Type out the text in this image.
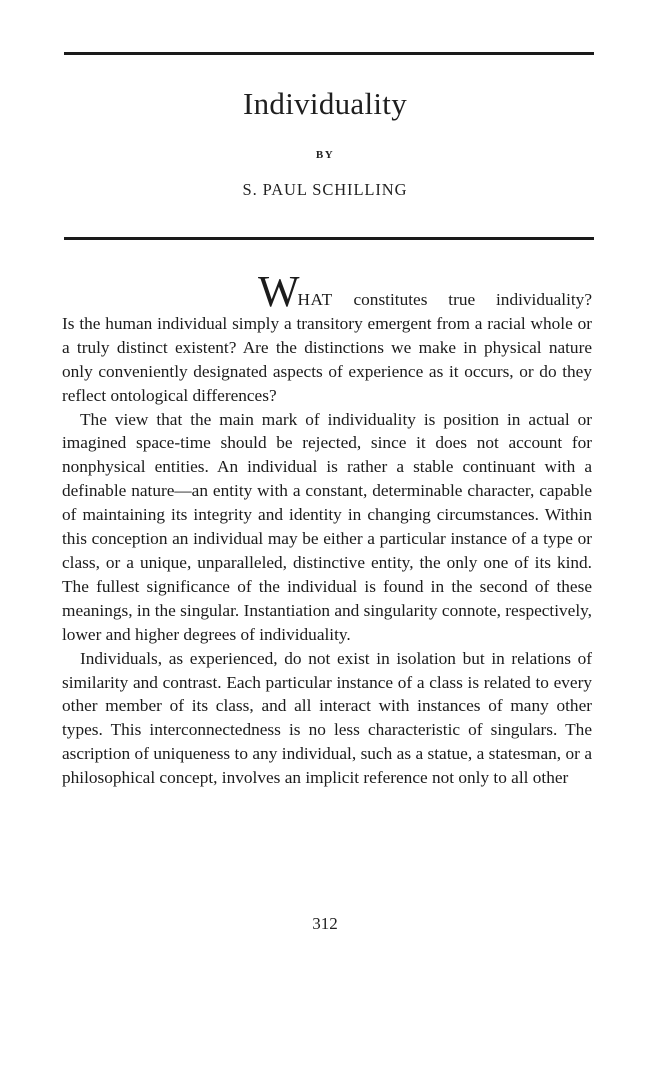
Individuality
BY
S. PAUL SCHILLING

WHAT constitutes true individuality?
Is the human individual simply a transitory emergent from a racial whole or a truly distinct existent? Are the distinctions we make in physical nature only conveniently designated aspects of experience as it occurs, or do they reflect ontological differences?

The view that the main mark of individuality is position in actual or imagined space-time should be rejected, since it does not account for nonphysical entities. An individual is rather a stable continuant with a definable nature—an entity with a constant, determinable character, capable of maintaining its integrity and identity in changing circumstances. Within this conception an individual may be either a particular instance of a type or class, or a unique, unparalleled, distinctive entity, the only one of its kind. The fullest significance of the individual is found in the second of these meanings, in the singular. Instantiation and singularity connote, respectively, lower and higher degrees of individuality.

Individuals, as experienced, do not exist in isolation but in relations of similarity and contrast. Each particular instance of a class is related to every other member of its class, and all interact with instances of many other types. This interconnectedness is no less characteristic of singulars. The ascription of uniqueness to any individual, such as a statue, a statesman, or a philosophical concept, involves an implicit reference not only to all other

312
